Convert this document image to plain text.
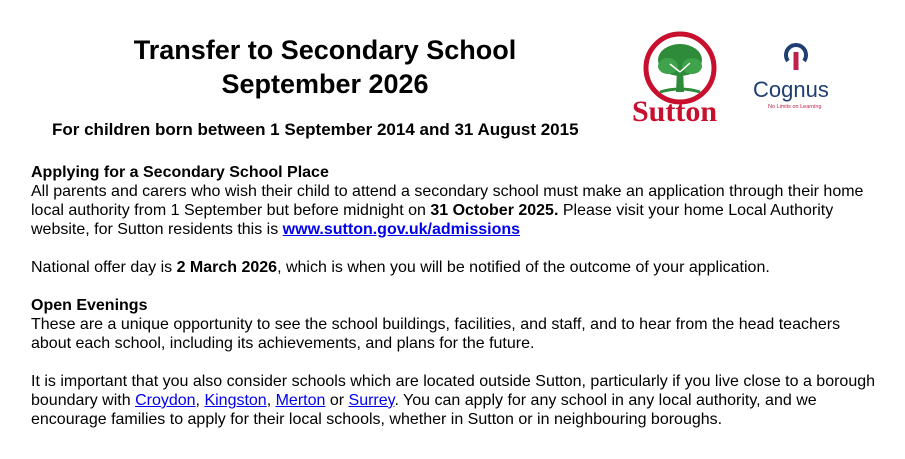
Transfer to Secondary School
September 2026
For children born between 1 September 2014 and 31 August 2015
Sutton
Cognus
No Limits on Learning

Applying for a Secondary School Place

All parents and carers who wish their child to attend a secondary school must make an application through their home local authority from 1 September but before midnight on 31 October 2025. Please visit your home Local Authority website, for Sutton residents this is www.sutton.gov.uk/admissions

National offer day is 2 March 2026, which is when you will be notified of the outcome of your application.

Open Evenings

These are a unique opportunity to see the school buildings, facilities, and staff, and to hear from the head teachers about each school, including its achievements, and plans for the future.

It is important that you also consider schools which are located outside Sutton, particularly if you live close to a borough boundary with Croydon, Kingston, Merton or Surrey. You can apply for any school in any local authority, and we encourage families to apply for their local schools, whether in Sutton or in neighbouring boroughs.
